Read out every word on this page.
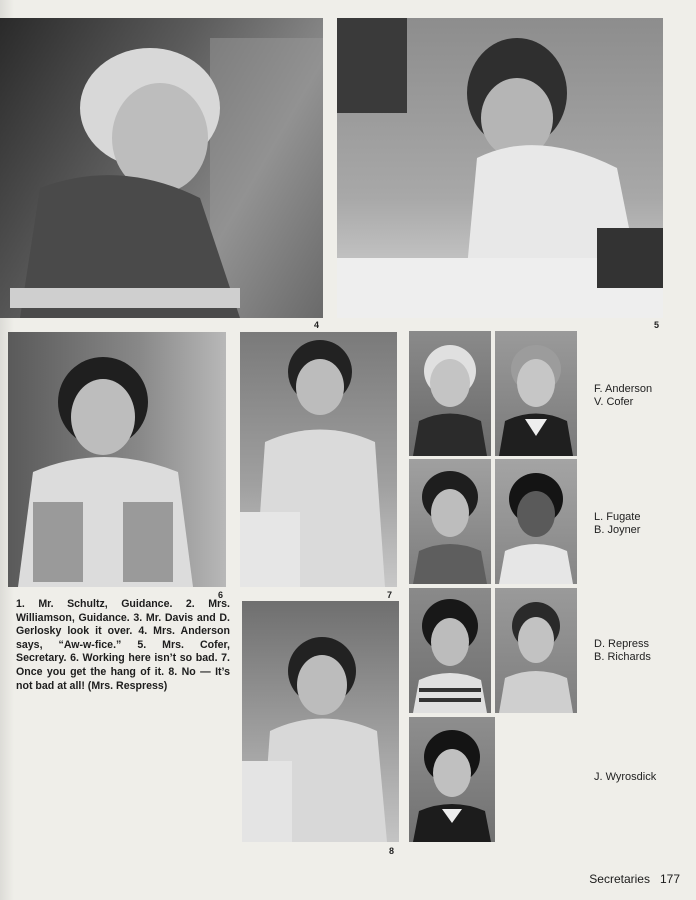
4	5
6	7
8
F. Anderson
V. Cofer
L. Fugate
B. Joyner
D. Repress
B. Richards
J. Wyrosdick
1. Mr. Schultz, Guidance. 2. Mrs. Williamson, Guidance. 3. Mr. Davis and D. Gerlosky look it over. 4. Mrs. Anderson says, “Aw-w-fice.” 5. Mrs. Cofer, Secretary. 6. Working here isn’t so bad. 7. Once you get the hang of it. 8. No — It’s not bad at all! (Mrs. Respress)
Secretaries 177
